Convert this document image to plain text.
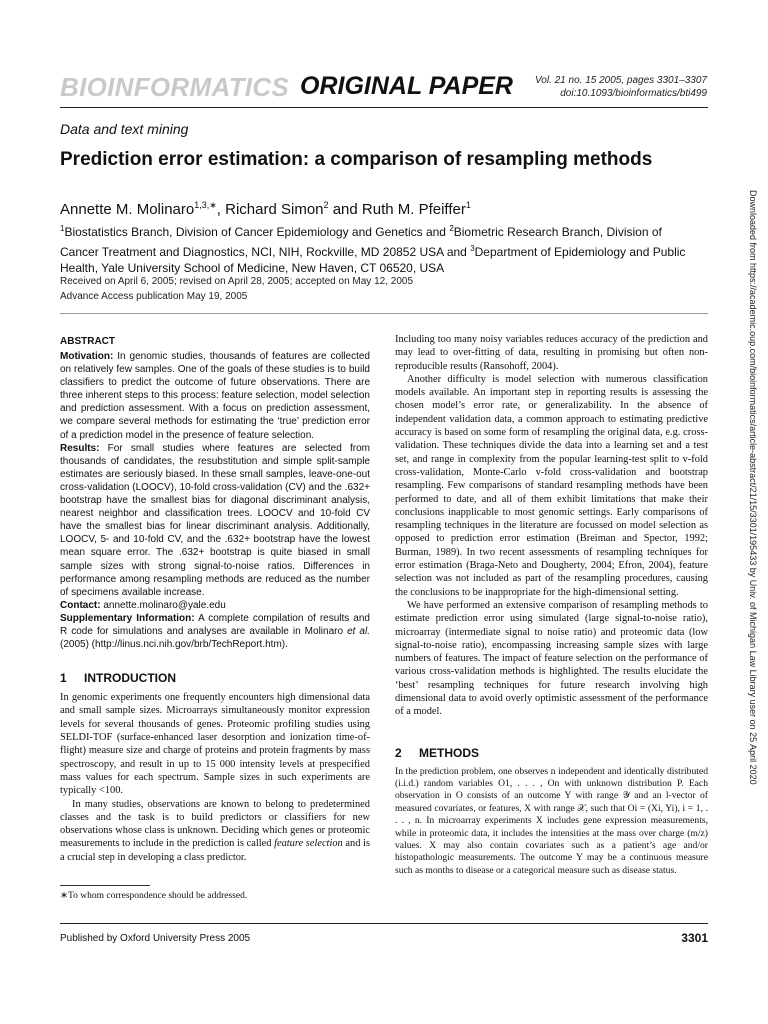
BIOINFORMATICS ORIGINAL PAPER Vol. 21 no. 15 2005, pages 3301–3307
doi:10.1093/bioinformatics/bti499
Data and text mining
Prediction error estimation: a comparison of resampling methods
Annette M. Molinaro$^{1,3,∗}$, Richard Simon$^2$ and Ruth M. Pfeiffer$^1$
$^1$Biostatistics Branch, Division of Cancer Epidemiology and Genetics and $^2$Biometric Research Branch, Division of Cancer Treatment and Diagnostics, NCI, NIH, Rockville, MD 20852 USA and $^3$Department of Epidemiology and Public Health, Yale University School of Medicine, New Haven, CT 06520, USA
Received on April 6, 2005; revised on April 28, 2005; accepted on May 12, 2005
Advance Access publication May 19, 2005	Downloaded from https://academic.oup.com/bioinformatics/article-abstract/21/15/3301/195433 by Univ. of Michigan Law Library user on 25 April 2020
ABSTRACT

Motivation: In genomic studies, thousands of features are collected on relatively few samples. One of the goals of these studies is to build classifiers to predict the outcome of future observations. There are three inherent steps to this process: feature selection, model selection and prediction assessment. With a focus on prediction assessment, we compare several methods for estimating the ‘true’ prediction error of a prediction model in the presence of feature selection.

Results: For small studies where features are selected from thousands of candidates, the resubstitution and simple split-sample estimates are seriously biased. In these small samples, leave-one-out cross-validation (LOOCV), 10-fold cross-validation (CV) and the .632+ bootstrap have the smallest bias for diagonal discriminant analysis, nearest neighbor and classification trees. LOOCV and 10-fold CV have the smallest bias for linear discriminant analysis. Additionally, LOOCV, 5- and 10-fold CV, and the .632+ bootstrap have the lowest mean square error. The .632+ bootstrap is quite biased in small sample sizes with strong signal-to-noise ratios. Differences in performance among resampling methods are reduced as the number of specimens available increase.

Contact: annette.molinaro@yale.edu

Supplementary Information: A complete compilation of results and R code for simulations and analyses are available in Molinaro et al. (2005) (http://linus.nci.nih.gov/brb/TechReport.htm).

1 INTRODUCTION

In genomic experiments one frequently encounters high dimensional data and small sample sizes. Microarrays simultaneously monitor expression levels for several thousands of genes. Proteomic profiling studies using SELDI-TOF (surface-enhanced laser desorption and ionization time-of-flight) measure size and charge of proteins and protein fragments by mass spectroscopy, and result in up to 15 000 intensity levels at prespecified mass values for each spectrum. Sample sizes in such experiments are typically <100.

In many studies, observations are known to belong to predetermined classes and the task is to build predictors or classifiers for new observations whose class is unknown. Deciding which genes or proteomic measurements to include in the prediction is called feature selection and is a crucial step in developing a class predictor.

∗To whom correspondence should be addressed.

Including too many noisy variables reduces accuracy of the prediction and may lead to over-fitting of data, resulting in promising but often non-reproducible results (Ransohoff, 2004).

Another difficulty is model selection with numerous classification models available. An important step in reporting results is assessing the chosen model’s error rate, or generalizability. In the absence of independent validation data, a common approach to estimating predictive accuracy is based on some form of resampling the original data, e.g. cross-validation. These techniques divide the data into a learning set and a test set, and range in complexity from the popular learning-test split to v-fold cross-validation, Monte-Carlo v-fold cross-validation and bootstrap resampling. Few comparisons of standard resampling methods have been performed to date, and all of them exhibit limitations that make their conclusions inapplicable to most genomic settings. Early comparisons of resampling techniques in the literature are focussed on model selection as opposed to prediction error estimation (Breiman and Spector, 1992; Burman, 1989). In two recent assessments of resampling techniques for error estimation (Braga-Neto and Dougherty, 2004; Efron, 2004), feature selection was not included as part of the resampling procedures, causing the conclusions to be inappropriate for the high-dimensional setting.

We have performed an extensive comparison of resampling methods to estimate prediction error using simulated (large signal-to-noise ratio), microarray (intermediate signal to noise ratio) and proteomic data (low signal-to-noise ratio), encompassing increasing sample sizes with large numbers of features. The impact of feature selection on the performance of various cross-validation methods is highlighted. The results elucidate the ‘best’ resampling techniques for future research involving high dimensional data to avoid overly optimistic assessment of the performance of a model.

2 METHODS

In the prediction problem, one observes n independent and identically distributed (i.i.d.) random variables O1, . . . , On with unknown distribution P. Each observation in O consists of an outcome Y with range 𝒴 and an l-vector of measured covariates, or features, X with range 𝒳, such that Oi = (Xi, Yi), i = 1, . . . , n. In microarray experiments X includes gene expression measurements, while in proteomic data, it includes the intensities at the mass over charge (m/z) values. X may also contain covariates such as a patient’s age and/or histopathologic measurements. The outcome Y may be a continuous measure such as months to disease or a categorical measure such as disease status.

Published by Oxford University Press 2005	3301
